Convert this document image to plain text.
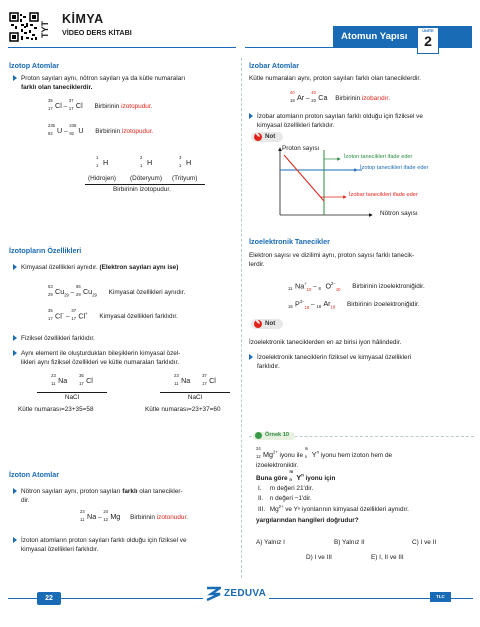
TYT
KİMYA
VİDEO DERS KİTABI	Atomun Yapısı	ÜNİTE
2
İzotop Atomlar
Proton sayıları aynı, nötron sayıları ya da kütle numaraları
farklı olan taneciklerdir.
35
17 Cl –
37
17 Cl Birbirinin izotopudur.
235
92 U –
238
92 U Birbirinin izotopudur.
1
1 H
2
1 H
3
1 H
(Hidrojen) (Döteryum) (Trityum)
Birbirinin izotopudur.
İzotopların Özellikleri
Kimyasal özellikleri aynıdır. (Elektron sayıları aynı ise)
63
29 $Cu_{29}$ –
65
29 $Cu_{29}$ Kimyasal özellikleri aynıdır.
35
17 Cl− –
37
17 Cl+ Kimyasal özellikleri farklıdır.
Fiziksel özellikleri farklıdır.
Aynı element ile oluşturdukları bileşiklerin kimyasal özel-
likleri aynı fiziksel özellikleri ve kütle numaraları farklıdır.
23
11 Na
35
17 Cl
NaCl
23
11 Na
37
17 Cl
NaCl
Kütle numarası=23+35=58	Kütle numarası=23+37=60
İzoton Atomlar
Nötron sayıları aynı, proton sayıları farklı olan tanecikler-
dir.
23
11 Na –
24
12 Mg Birbirinin izotonudur.
İzoton atomların proton sayıları farklı olduğu için fiziksel ve
kimyasal özellikleri farklıdır.
İzobar Atomlar
Kütle numaraları aynı, proton sayıları farklı olan taneciklerdir.
40
18 Ar –
40
20 Ca Birbirinin izobarıdır.
İzobar atomların proton sayıları farklı olduğu için fiziksel ve
kimyasal özellikleri farklıdır.
✎ Not
Proton sayısı
Nötron sayısı
İzoton tanecikleri ifade eder
İzotop tanecikleri ifade eder
İzobar tanecikleri ifade eder
İzoelektronik Tanecikler
Elektron sayısı ve dizilimi aynı, proton sayısı farklı tanecik-
lerdir.
11 $Na^+_{10} - 8$ $O^{2-}_{10}$ Birbirinin izoelektroniğidir.
15 $P^{3-}_{18} - 18$ $Ar_{18}$ Birbirinin izoelektroniğidir.
✎ Not
İzoelektronik taneciklerden en az birisi iyon hâlindedir.
İzoelektronik taneciklerin fiziksel ve kimyasal özellikleri
farklıdır.
Örnek 10
24
12 $Mg^{2+}$ iyonu ile
m
n $Y^n$ iyonu hem izoton hem de
izoelektroniktir.
Buna göre
m
n $Y^n$ iyonu için
I. m değeri 21'dir.
II. n değeri −1'dir.
III. $Mg^{2+}$ ve Yⁿ iyonlarının kimyasal özellikleri aynıdır.
yargılarından hangileri doğrudur?
A) Yalnız I	B) Yalnız II	C) I ve II
D) I ve III	E) I, II ve III
22	ZEDUVA	TLC
